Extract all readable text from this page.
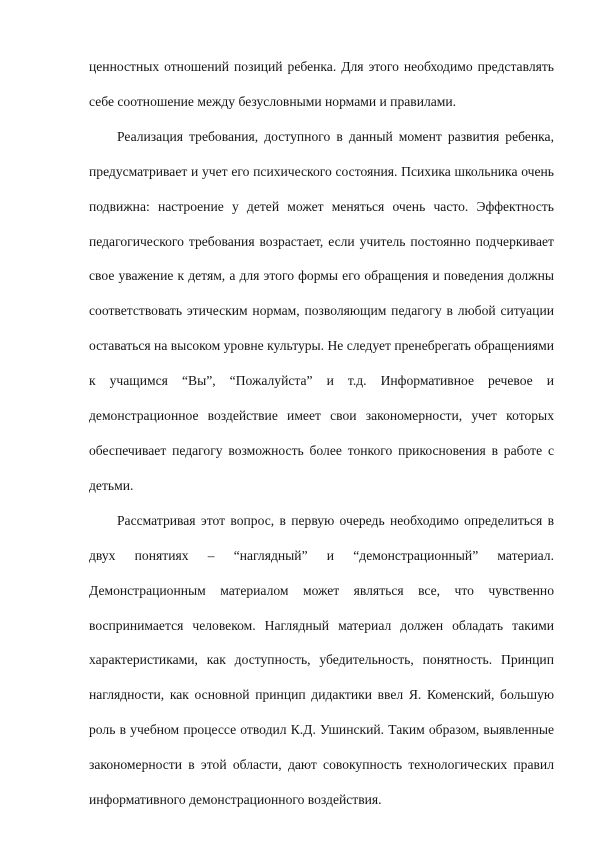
ценностных отношений позиций ребенка. Для этого необходимо представлять себе соотношение между безусловными нормами и правилами.

Реализация требования, доступного в данный момент развития ребенка, предусматривает и учет его психического состояния. Психика школьника очень подвижна: настроение у детей может меняться очень часто. Эффектность педагогического требования возрастает, если учитель постоянно подчеркивает свое уважение к детям, а для этого формы его обращения и поведения должны соответствовать этическим нормам, позволяющим педагогу в любой ситуации оставаться на высоком уровне культуры. Не следует пренебрегать обращениями к учащимся “Вы”, “Пожалуйста” и т.д. Информативное речевое и демонстрационное воздействие имеет свои закономерности, учет которых обеспечивает педагогу возможность более тонкого прикосновения в работе с детьми.

Рассматривая этот вопрос, в первую очередь необходимо определиться в двух понятиях – “наглядный” и “демонстрационный” материал. Демонстрационным материалом может являться все, что чувственно воспринимается человеком. Наглядный материал должен обладать такими характеристиками, как доступность, убедительность, понятность. Принцип наглядности, как основной принцип дидактики ввел Я. Коменский, большую роль в учебном процессе отводил К.Д. Ушинский. Таким образом, выявленные закономерности в этой области, дают совокупность технологических правил информативного демонстрационного воздействия.
